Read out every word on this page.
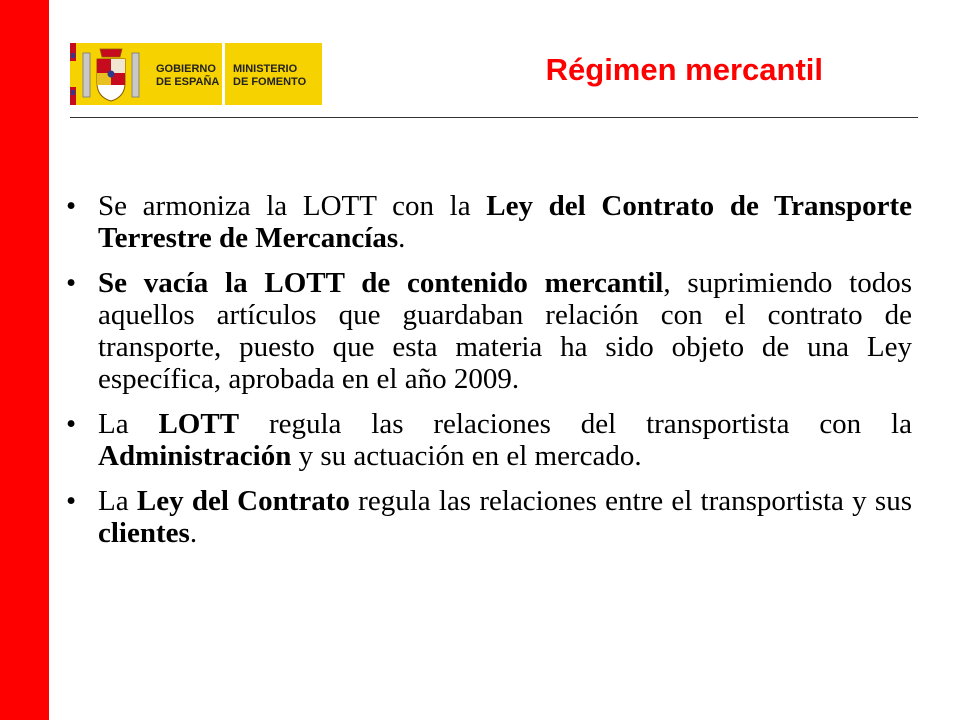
GOBIERNO
DE ESPAÑA
MINISTERIO
DE FOMENTO	Régimen mercantil
• Se armoniza la LOTT con la Ley del Contrato de Transporte Terrestre de Mercancías.
• Se vacía la LOTT de contenido mercantil, suprimiendo todos aquellos artículos que guardaban relación con el contrato de transporte, puesto que esta materia ha sido objeto de una Ley específica, aprobada en el año 2009.
• La LOTT regula las relaciones del transportista con la Administración y su actuación en el mercado.
• La Ley del Contrato regula las relaciones entre el transportista y sus clientes.
